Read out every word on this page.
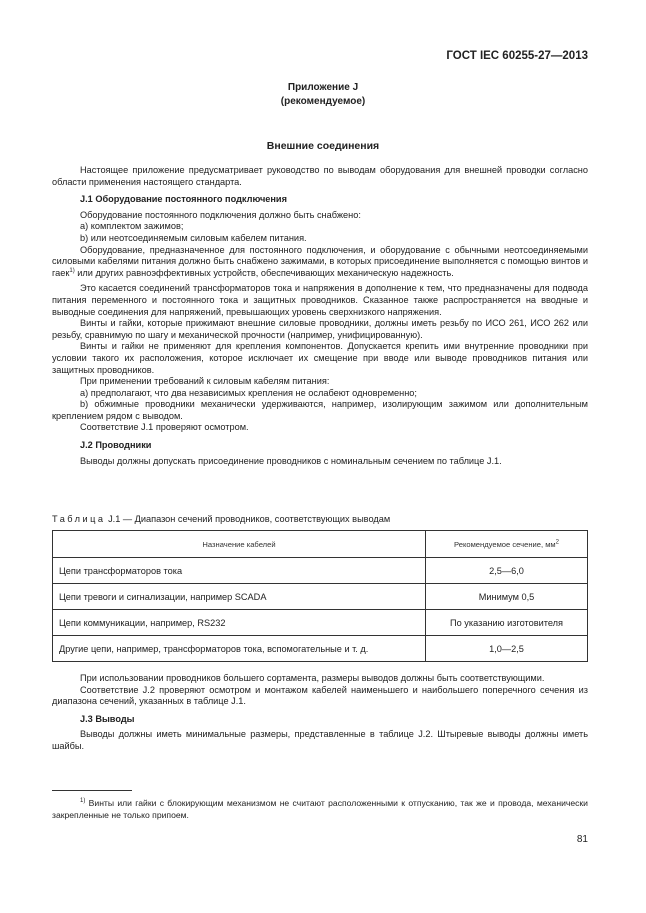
ГОСТ IEC 60255-27—2013
Приложение J
(рекомендуемое)
Внешние соединения

Настоящее приложение предусматривает руководство по выводам оборудования для внешней проводки согласно области применения настоящего стандарта.

J.1 Оборудование постоянного подключения

Оборудование постоянного подключения должно быть снабжено:

а) комплектом зажимов;

b) или неотсоединяемым силовым кабелем питания.

Оборудование, предназначенное для постоянного подключения, и оборудование с обычными неотсоединяемыми силовыми кабелями питания должно быть снабжено зажимами, в которых присоединение выполняется с помощью винтов и гаек$^{1)}$ или других равноэффективных устройств, обеспечивающих механическую надежность.

Это касается соединений трансформаторов тока и напряжения в дополнение к тем, что предназначены для подвода питания переменного и постоянного тока и защитных проводников. Сказанное также распространяется на вводные и выводные соединения для напряжений, превышающих уровень сверхнизкого напряжения.

Винты и гайки, которые прижимают внешние силовые проводники, должны иметь резьбу по ИСО 261, ИСО 262 или резьбу, сравнимую по шагу и механической прочности (например, унифицированную).

Винты и гайки не применяют для крепления компонентов. Допускается крепить ими внутренние проводники при условии такого их расположения, которое исключает их смещение при вводе или выводе проводников питания или защитных проводников.

При применении требований к силовым кабелям питания:

а) предполагают, что два независимых крепления не ослабеют одновременно;

b) обжимные проводники механически удерживаются, например, изолирующим зажимом или дополнительным креплением рядом с выводом.

Соответствие J.1 проверяют осмотром.

J.2 Проводники

Выводы должны допускать присоединение проводников с номинальным сечением по таблице J.1.

Таблица J.1 — Диапазон сечений проводников, соответствующих выводам
Назначение кабелей	Рекомендуемое сечение, $мм^2$
Цепи трансформаторов тока	2,5—6,0
Цепи тревоги и сигнализации, например SCADA	Минимум 0,5
Цепи коммуникации, например, RS232	По указанию изготовителя
Другие цепи, например, трансформаторов тока, вспомогательные и т. д.	1,0—2,5

При использовании проводников большего сортамента, размеры выводов должны быть соответствующими.

Соответствие J.2 проверяют осмотром и монтажом кабелей наименьшего и наибольшего поперечного сечения из диапазона сечений, указанных в таблице J.1.

J.3 Выводы

Выводы должны иметь минимальные размеры, представленные в таблице J.2. Штыревые выводы должны иметь шайбы.

$^{1)}$ Винты или гайки с блокирующим механизмом не считают расположенными к отпусканию, так же и провода, механически закрепленные не только припоем.
81
